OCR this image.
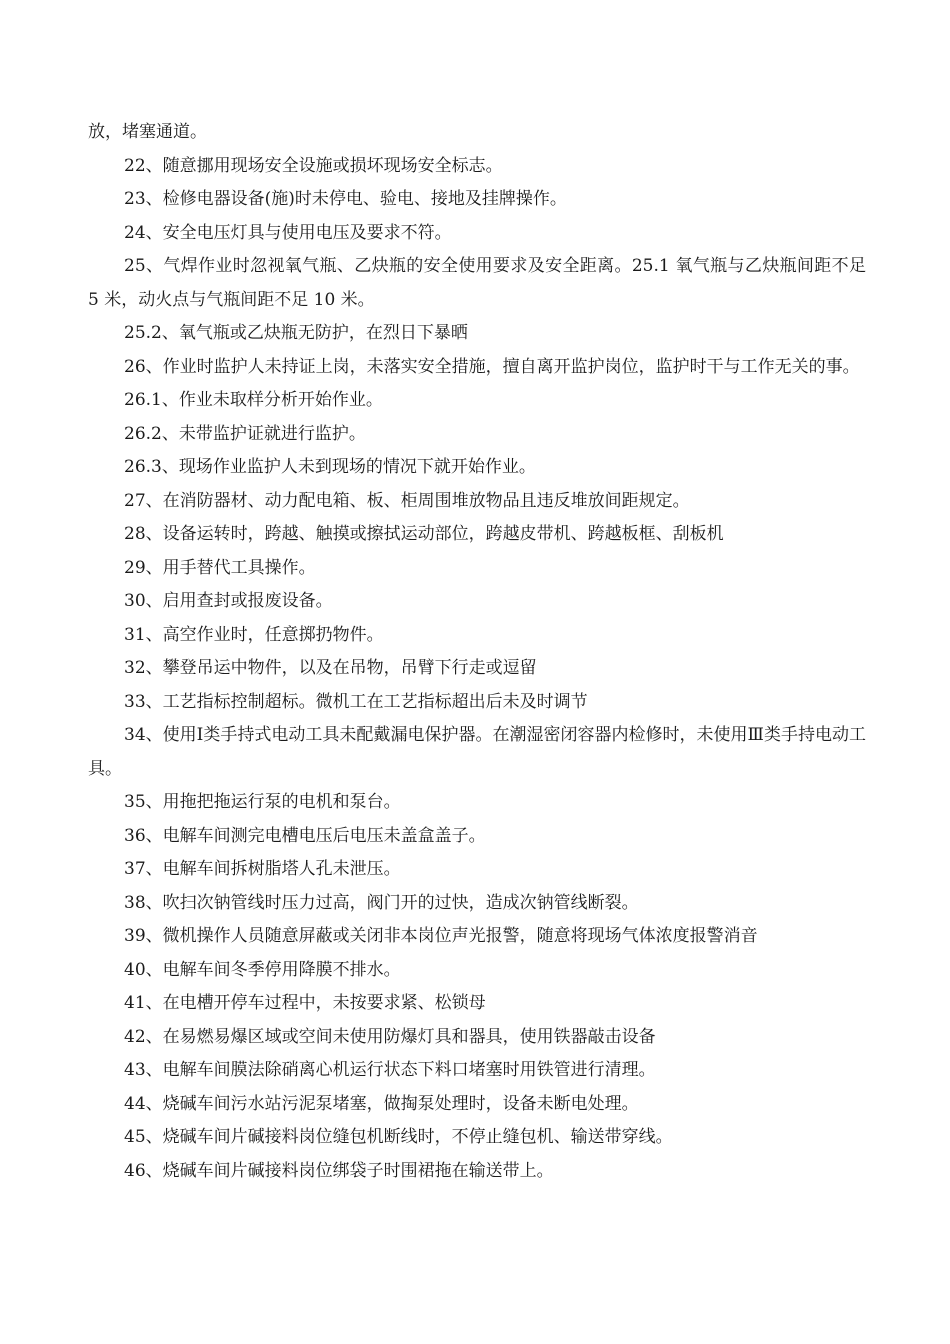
放，堵塞通道。

22、随意挪用现场安全设施或损坏现场安全标志。

23、检修电器设备(施)时未停电、验电、接地及挂牌操作。

24、安全电压灯具与使用电压及要求不符。

25、气焊作业时忽视氧气瓶、乙炔瓶的安全使用要求及安全距离。25.1 氧气瓶与乙炔瓶间距不足 5 米，动火点与气瓶间距不足 10 米。

25.2、氧气瓶或乙炔瓶无防护，在烈日下暴晒

26、作业时监护人未持证上岗，未落实安全措施，擅自离开监护岗位，监护时干与工作无关的事。

26.1、作业未取样分析开始作业。

26.2、未带监护证就进行监护。

26.3、现场作业监护人未到现场的情况下就开始作业。

27、在消防器材、动力配电箱、板、柜周围堆放物品且违反堆放间距规定。

28、设备运转时，跨越、触摸或擦拭运动部位，跨越皮带机、跨越板框、刮板机

29、用手替代工具操作。

30、启用查封或报废设备。

31、高空作业时，任意掷扔物件。

32、攀登吊运中物件，以及在吊物，吊臂下行走或逗留

33、工艺指标控制超标。微机工在工艺指标超出后未及时调节

34、使用Ⅰ类手持式电动工具未配戴漏电保护器。在潮湿密闭容器内检修时，未使用Ⅲ类手持电动工具。

35、用拖把拖运行泵的电机和泵台。

36、电解车间测完电槽电压后电压未盖盒盖子。

37、电解车间拆树脂塔人孔未泄压。

38、吹扫次钠管线时压力过高，阀门开的过快，造成次钠管线断裂。

39、微机操作人员随意屏蔽或关闭非本岗位声光报警，随意将现场气体浓度报警消音

40、电解车间冬季停用降膜不排水。

41、在电槽开停车过程中，未按要求紧、松锁母

42、在易燃易爆区域或空间未使用防爆灯具和器具，使用铁器敲击设备

43、电解车间膜法除硝离心机运行状态下料口堵塞时用铁管进行清理。

44、烧碱车间污水站污泥泵堵塞，做掏泵处理时，设备未断电处理。

45、烧碱车间片碱接料岗位缝包机断线时，不停止缝包机、输送带穿线。

46、烧碱车间片碱接料岗位绑袋子时围裙拖在输送带上。
